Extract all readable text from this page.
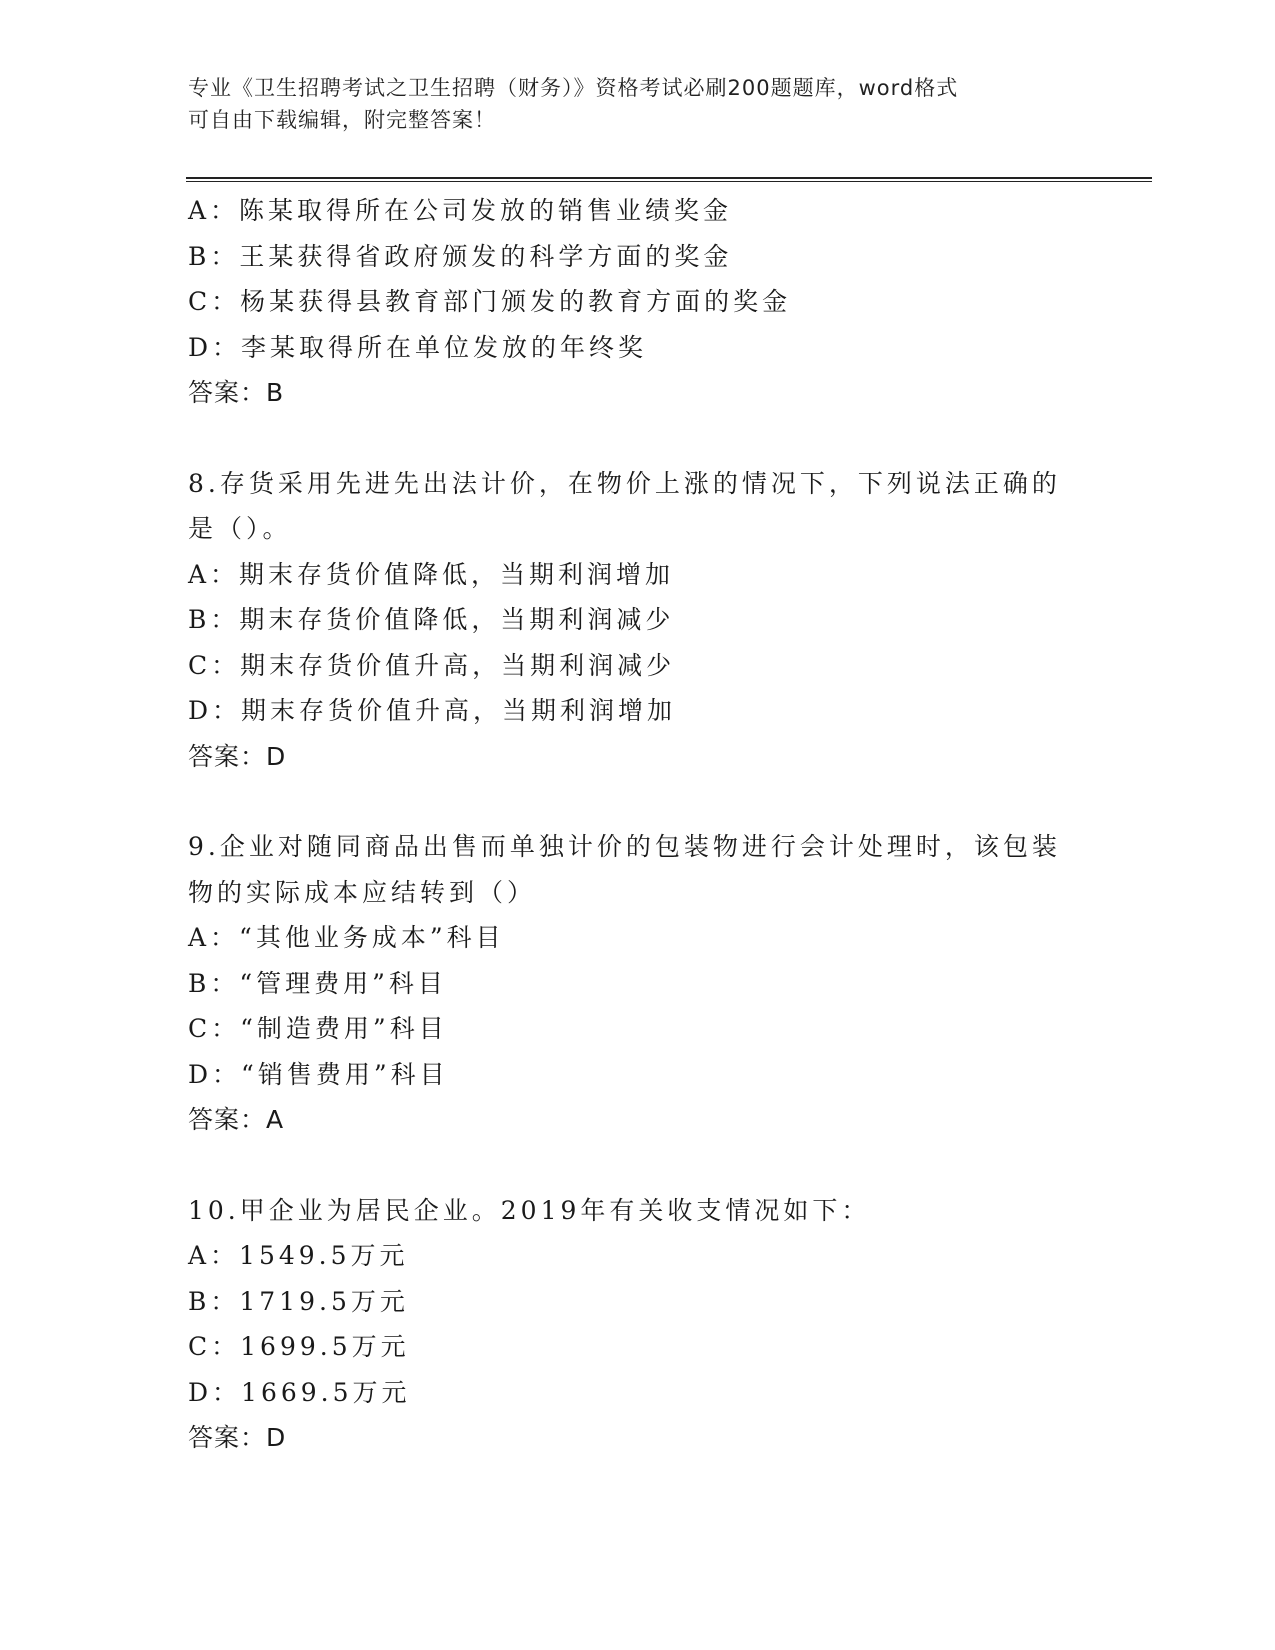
专业《卫生招聘考试之卫生招聘（财务）》资格考试必刷200题题库，word格式
可自由下载编辑，附完整答案！
A：陈某取得所在公司发放的销售业绩奖金
B：王某获得省政府颁发的科学方面的奖金
C：杨某获得县教育部门颁发的教育方面的奖金
D：李某取得所在单位发放的年终奖
答案：B
8.存货采用先进先出法计价，在物价上涨的情况下，下列说法正确的
是（）。
A：期末存货价值降低，当期利润增加
B：期末存货价值降低，当期利润减少
C：期末存货价值升高，当期利润减少
D：期末存货价值升高，当期利润增加
答案：D
9.企业对随同商品出售而单独计价的包装物进行会计处理时，该包装
物的实际成本应结转到（）
A：“其他业务成本”科目
B：“管理费用”科目
C：“制造费用”科目
D：“销售费用”科目
答案：A
10.甲企业为居民企业。2019年有关收支情况如下：
A：1549.5万元
B：1719.5万元
C：1699.5万元
D：1669.5万元
答案：D
